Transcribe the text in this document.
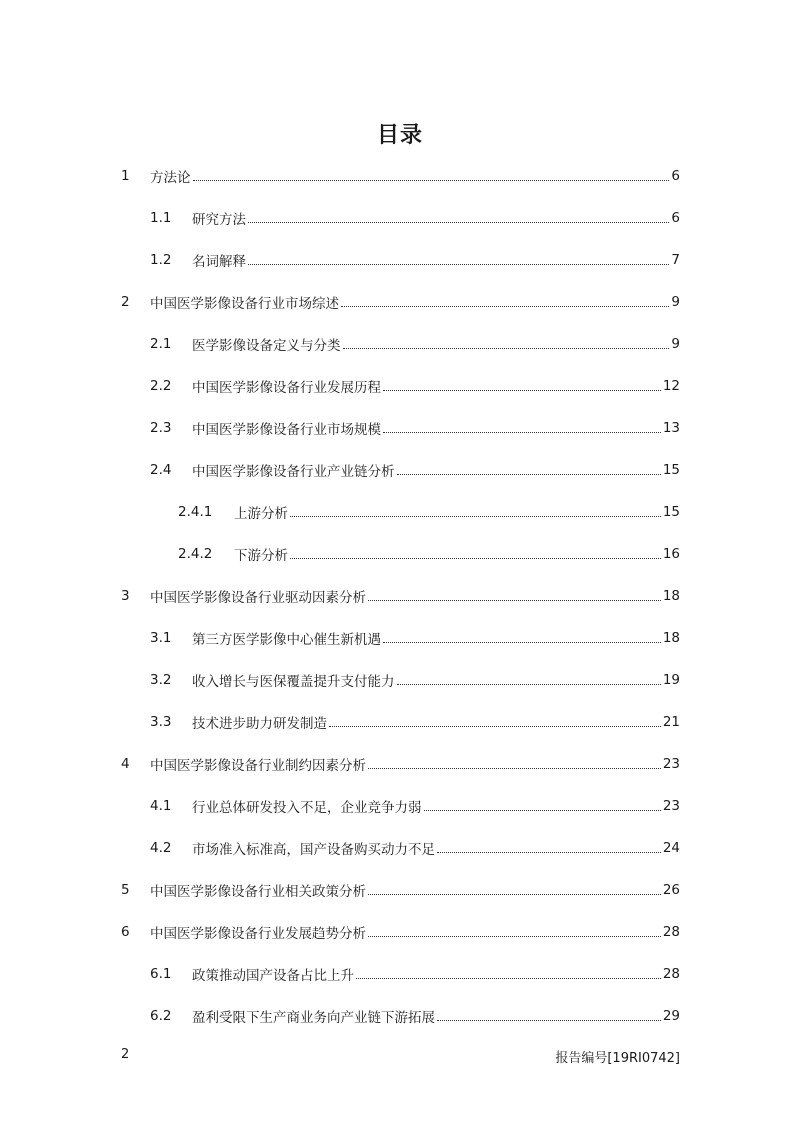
目录
1	方法论	6
1.1	研究方法	6
1.2	名词解释	7
2	中国医学影像设备行业市场综述	9
2.1	医学影像设备定义与分类	9
2.2	中国医学影像设备行业发展历程	12
2.3	中国医学影像设备行业市场规模	13
2.4	中国医学影像设备行业产业链分析	15
2.4.1	上游分析	15
2.4.2	下游分析	16
3	中国医学影像设备行业驱动因素分析	18
3.1	第三方医学影像中心催生新机遇	18
3.2	收入增长与医保覆盖提升支付能力	19
3.3	技术进步助力研发制造	21
4	中国医学影像设备行业制约因素分析	23
4.1	行业总体研发投入不足，企业竞争力弱	23
4.2	市场准入标准高，国产设备购买动力不足	24
5	中国医学影像设备行业相关政策分析	26
6	中国医学影像设备行业发展趋势分析	28
6.1	政策推动国产设备占比上升	28
6.2	盈利受限下生产商业务向产业链下游拓展	29
2	报告编号[19RI0742]
